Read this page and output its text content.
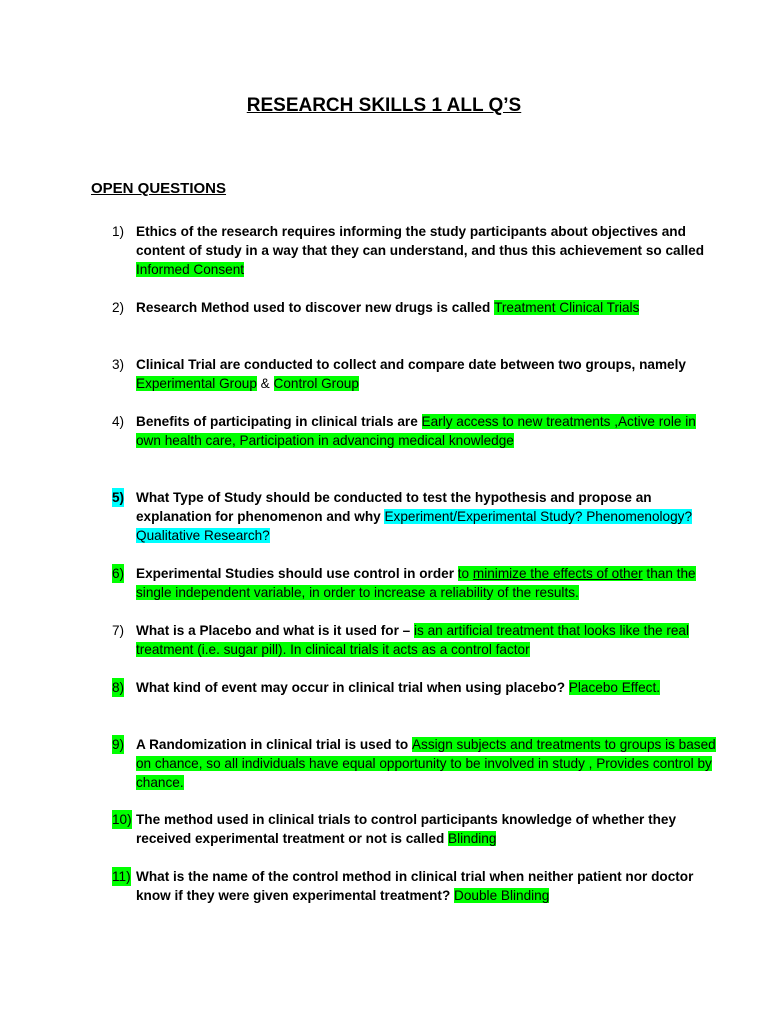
RESEARCH SKILLS 1 ALL Q’S
OPEN QUESTIONS
1) Ethics of the research requires informing the study participants about objectives and content of study in a way that they can understand, and thus this achievement so called Informed Consent
2) Research Method used to discover new drugs is called Treatment Clinical Trials
3) Clinical Trial are conducted to collect and compare date between two groups, namely Experimental Group & Control Group
4) Benefits of participating in clinical trials are Early access to new treatments ,Active role in own health care, Participation in advancing medical knowledge
5) What Type of Study should be conducted to test the hypothesis and propose an explanation for phenomenon and why Experiment/Experimental Study? Phenomenology? Qualitative Research?
6) Experimental Studies should use control in order to minimize the effects of other than the single independent variable, in order to increase a reliability of the results.
7) What is a Placebo and what is it used for – is an artificial treatment that looks like the real treatment (i.e. sugar pill). In clinical trials it acts as a control factor
8) What kind of event may occur in clinical trial when using placebo? Placebo Effect.
9) A Randomization in clinical trial is used to Assign subjects and treatments to groups is based on chance, so all individuals have equal opportunity to be involved in study , Provides control by chance.
10) The method used in clinical trials to control participants knowledge of whether they received experimental treatment or not is called Blinding
11) What is the name of the control method in clinical trial when neither patient nor doctor know if they were given experimental treatment? Double Blinding
